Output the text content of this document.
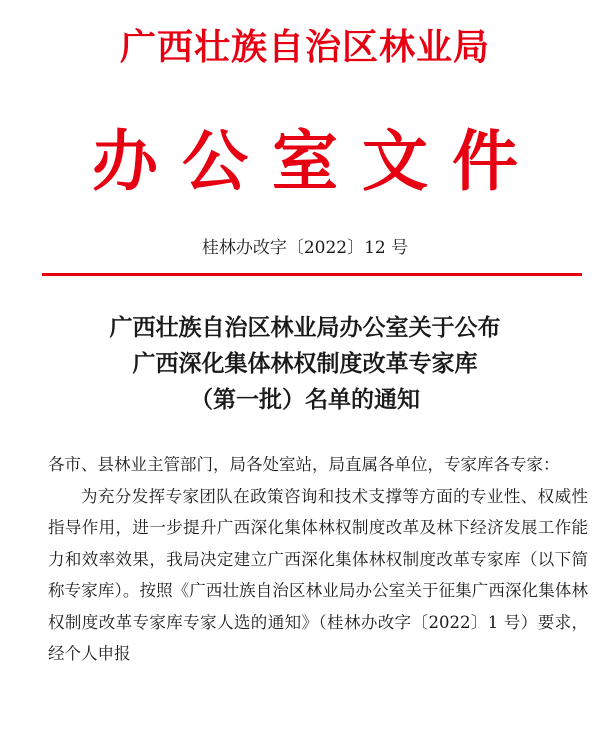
广西壮族自治区林业局
办公室文件
桂林办改字〔2022〕12 号
广西壮族自治区林业局办公室关于公布
广西深化集体林权制度改革专家库
（第一批）名单的通知

各市、县林业主管部门，局各处室站，局直属各单位，专家库各专家：

为充分发挥专家团队在政策咨询和技术支撑等方面的专业性、权威性指导作用，进一步提升广西深化集体林权制度改革及林下经济发展工作能力和效率效果，我局决定建立广西深化集体林权制度改革专家库（以下简称专家库）。按照《广西壮族自治区林业局办公室关于征集广西深化集体林权制度改革专家库专家人选的通知》（桂林办改字〔2022〕1 号）要求，经个人申报
